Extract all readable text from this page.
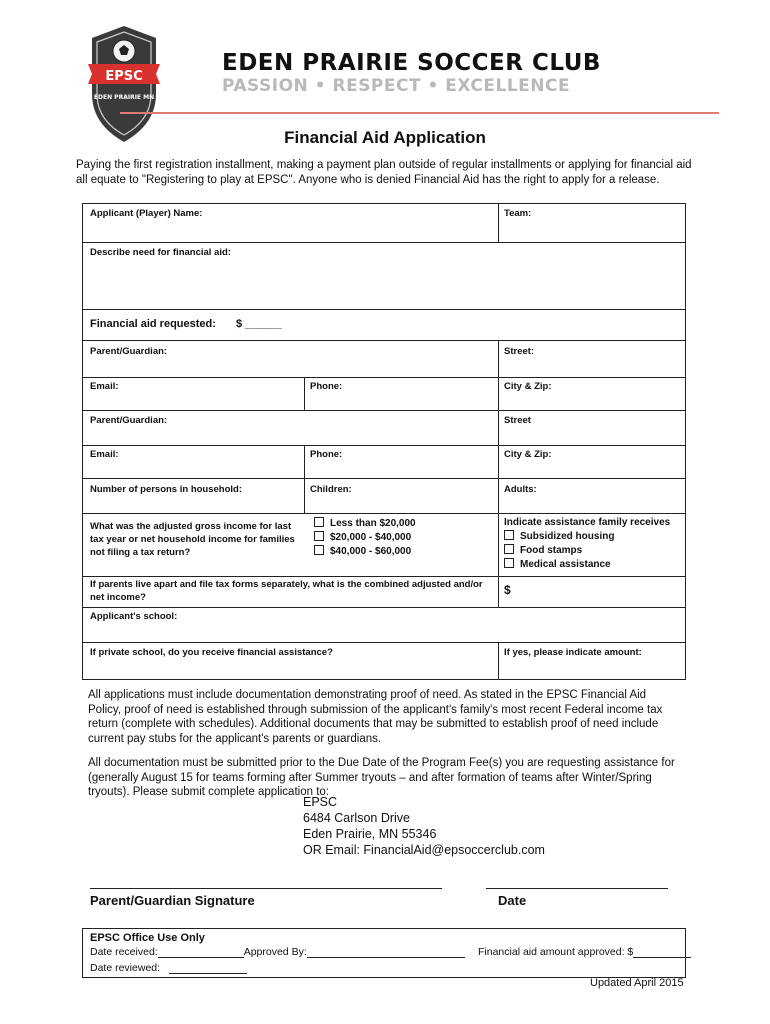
EPSC
EDEN PRAIRIE MN
EDEN PRAIRIE SOCCER CLUB
PASSION • RESPECT • EXCELLENCE
Financial Aid Application
Paying the first registration installment, making a payment plan outside of regular installments or applying for financial aid all equate to "Registering to play at EPSC". Anyone who is denied Financial Aid has the right to apply for a release.
Applicant (Player) Name:	Team:
Describe need for financial aid:
Financial aid requested: $ ______
Parent/Guardian:	Street:
Email:	Phone:	City & Zip:
Parent/Guardian:	Street
Email:	Phone:	City & Zip:
Number of persons in household:	Children:	Adults:
What was the adjusted gross income for last tax year or net household income for families not filing a tax return?
Less than $20,000
$20,000 - $40,000
$40,000 - $60,000
Indicate assistance family receives
Subsidized housing
Food stamps
Medical assistance
If parents live apart and file tax forms separately, what is the combined adjusted and/or net income?
$
Applicant's school:
If private school, do you receive financial assistance?	If yes, please indicate amount:
All applications must include documentation demonstrating proof of need. As stated in the EPSC Financial Aid Policy, proof of need is established through submission of the applicant's family's most recent Federal income tax return (complete with schedules). Additional documents that may be submitted to establish proof of need include current pay stubs for the applicant's parents or guardians.
All documentation must be submitted prior to the Due Date of the Program Fee(s) you are requesting assistance for (generally August 15 for teams forming after Summer tryouts – and after formation of teams after Winter/Spring tryouts). Please submit complete application to:
EPSC
6484 Carlson Drive
Eden Prairie, MN 55346
OR Email: FinancialAid@epsoccerclub.com
Parent/Guardian Signature	Date
EPSC Office Use Only
Date received:	Approved By:	Financial aid amount approved: $
Date reviewed:
Updated April 2015
